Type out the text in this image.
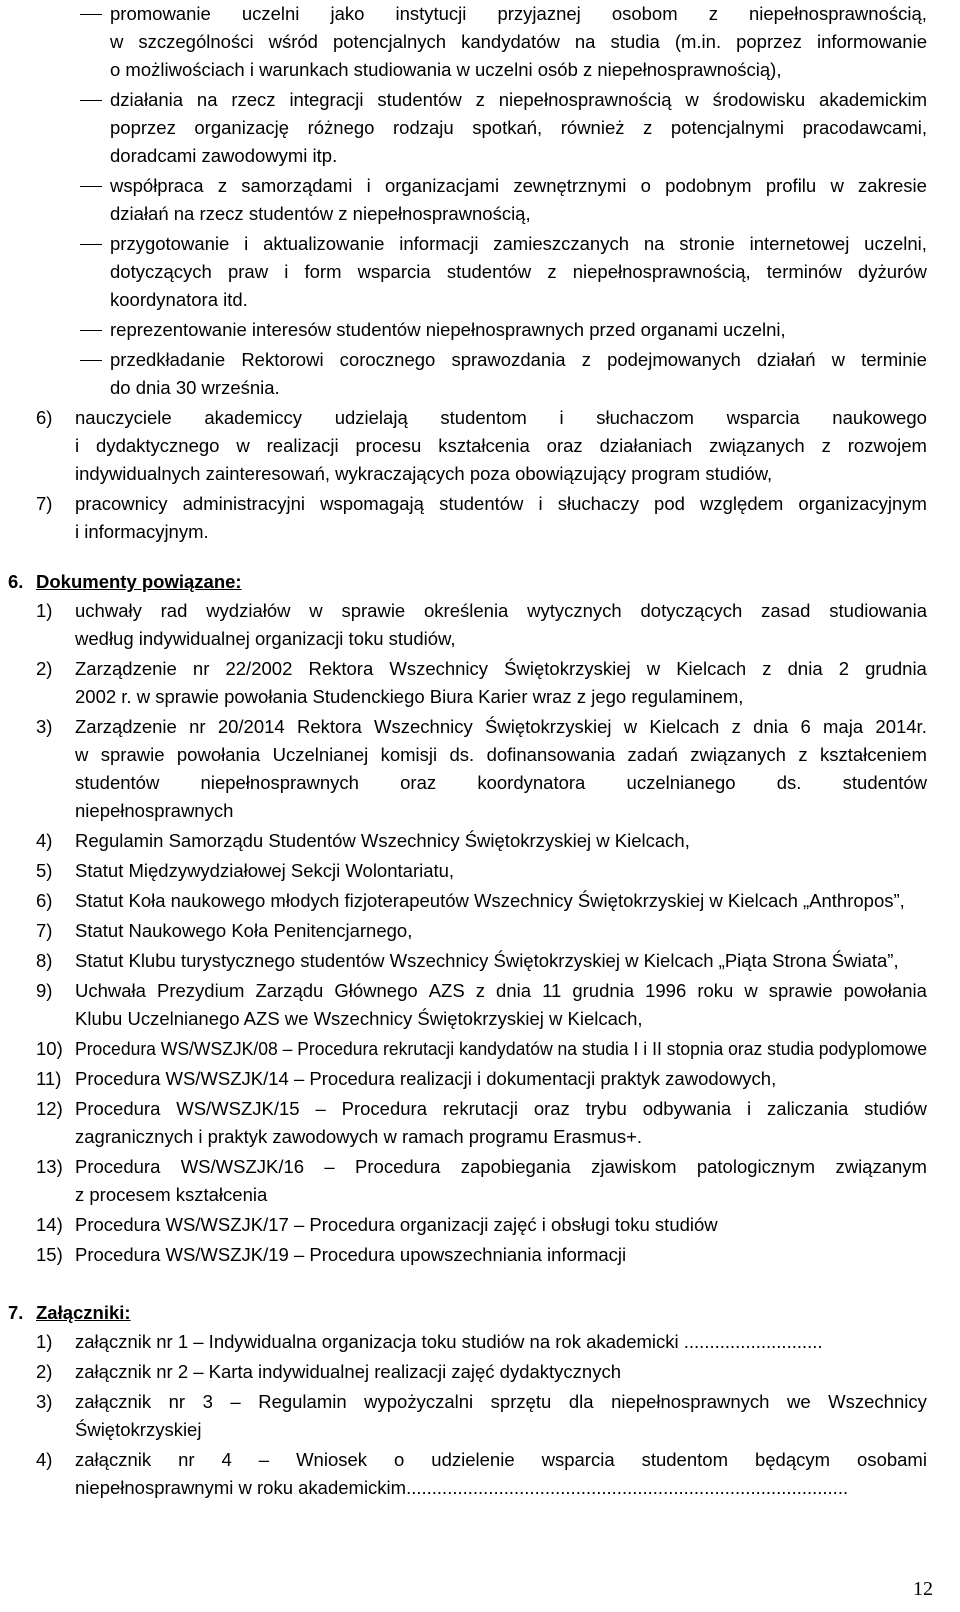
promowanie uczelni jako instytucji przyjaznej osobom z niepełnosprawnością,
w szczególności wśród potencjalnych kandydatów na studia (m.in. poprzez informowanie
o możliwościach i warunkach studiowania w uczelni osób z niepełnosprawnością),
działania na rzecz integracji studentów z niepełnosprawnością w środowisku akademickim
poprzez organizację różnego rodzaju spotkań, również z potencjalnymi pracodawcami,
doradcami zawodowymi itp.
współpraca z samorządami i organizacjami zewnętrznymi o podobnym profilu w zakresie
działań na rzecz studentów z niepełnosprawnością,
przygotowanie i aktualizowanie informacji zamieszczanych na stronie internetowej uczelni,
dotyczących praw i form wsparcia studentów z niepełnosprawnością, terminów dyżurów
koordynatora itd.
reprezentowanie interesów studentów niepełnosprawnych przed organami uczelni,
przedkładanie Rektorowi corocznego sprawozdania z podejmowanych działań w terminie
do dnia 30 września.
6) nauczyciele akademiccy udzielają studentom i słuchaczom wsparcia naukowego
i dydaktycznego w realizacji procesu kształcenia oraz działaniach związanych z rozwojem
indywidualnych zainteresowań, wykraczających poza obowiązujący program studiów,
7) pracownicy administracyjni wspomagają studentów i słuchaczy pod względem organizacyjnym
i informacyjnym.
6. Dokumenty powiązane:
1) uchwały rad wydziałów w sprawie określenia wytycznych dotyczących zasad studiowania
według indywidualnej organizacji toku studiów,
2) Zarządzenie nr 22/2002 Rektora Wszechnicy Świętokrzyskiej w Kielcach z dnia 2 grudnia
2002 r. w sprawie powołania Studenckiego Biura Karier wraz z jego regulaminem,
3) Zarządzenie nr 20/2014 Rektora Wszechnicy Świętokrzyskiej w Kielcach z dnia 6 maja 2014r.
w sprawie powołania Uczelnianej komisji ds. dofinansowania zadań związanych z kształceniem
studentów niepełnosprawnych oraz koordynatora uczelnianego ds. studentów
niepełnosprawnych
4) Regulamin Samorządu Studentów Wszechnicy Świętokrzyskiej w Kielcach,
5) Statut Międzywydziałowej Sekcji Wolontariatu,
6) Statut Koła naukowego młodych fizjoterapeutów Wszechnicy Świętokrzyskiej w Kielcach „Anthropos”,
7) Statut Naukowego Koła Penitencjarnego,
8) Statut Klubu turystycznego studentów Wszechnicy Świętokrzyskiej w Kielcach „Piąta Strona Świata”,
9) Uchwała Prezydium Zarządu Głównego AZS z dnia 11 grudnia 1996 roku w sprawie powołania
Klubu Uczelnianego AZS we Wszechnicy Świętokrzyskiej w Kielcach,
10) Procedura WS/WSZJK/08 – Procedura rekrutacji kandydatów na studia I i II stopnia oraz studia podyplomowe
11) Procedura WS/WSZJK/14 – Procedura realizacji i dokumentacji praktyk zawodowych,
12) Procedura WS/WSZJK/15 – Procedura rekrutacji oraz trybu odbywania i zaliczania studiów
zagranicznych i praktyk zawodowych w ramach programu Erasmus+.
13) Procedura WS/WSZJK/16 – Procedura zapobiegania zjawiskom patologicznym związanym
z procesem kształcenia
14) Procedura WS/WSZJK/17 – Procedura organizacji zajęć i obsługi toku studiów
15) Procedura WS/WSZJK/19 – Procedura upowszechniania informacji
7. Załączniki:
1) załącznik nr 1 – Indywidualna organizacja toku studiów na rok akademicki ...........................
2) załącznik nr 2 – Karta indywidualnej realizacji zajęć dydaktycznych
3) załącznik nr 3 – Regulamin wypożyczalni sprzętu dla niepełnosprawnych we Wszechnicy
Świętokrzyskiej
4) załącznik nr 4 – Wniosek o udzielenie wsparcia studentom będącym osobami
niepełnosprawnymi w roku akademickim......................................................................................
12
